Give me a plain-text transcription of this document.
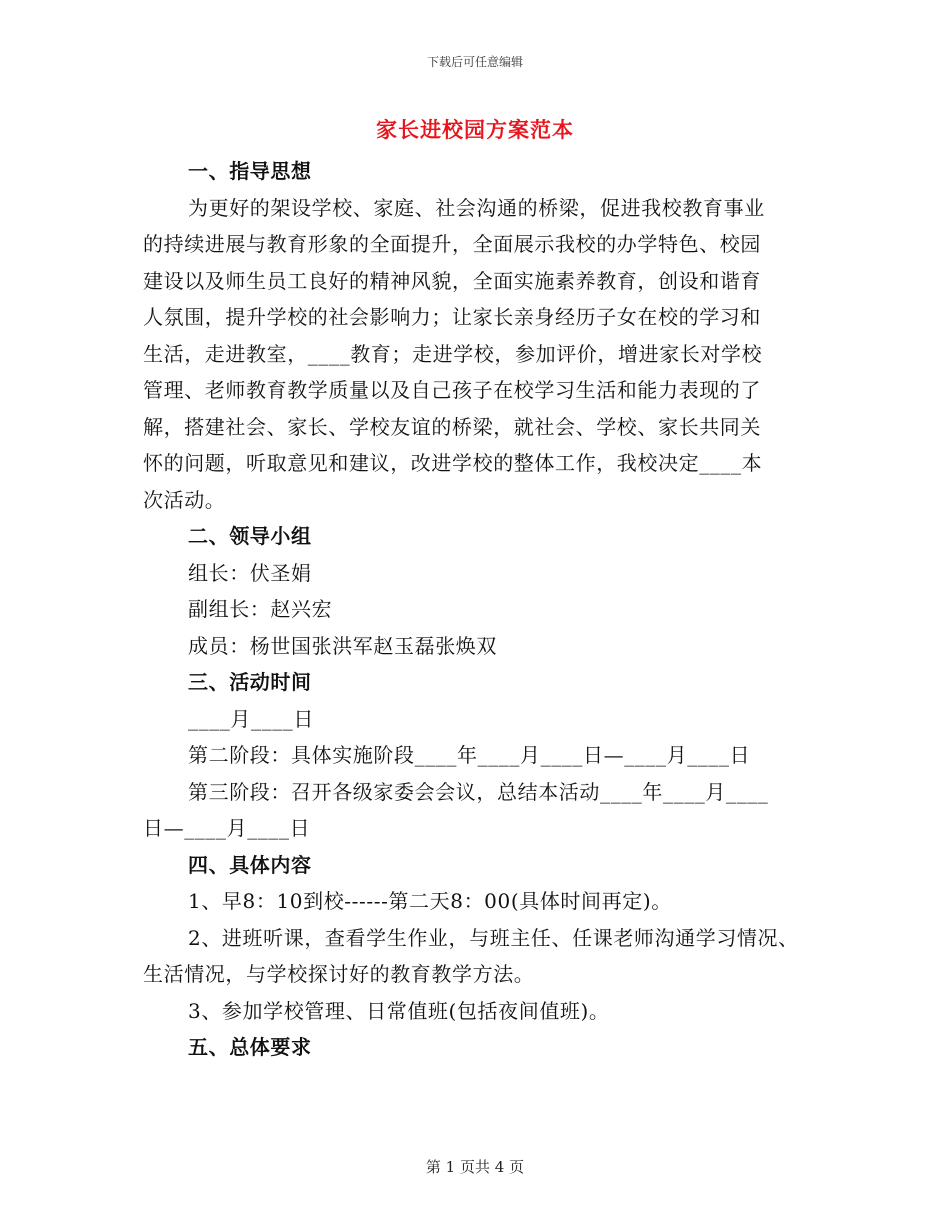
下载后可任意编辑
家长进校园方案范本
一、指导思想
为更好的架设学校、家庭、社会沟通的桥梁，促进我校教育事业
的持续进展与教育形象的全面提升，全面展示我校的办学特色、校园
建设以及师生员工良好的精神风貌，全面实施素养教育，创设和谐育
人氛围，提升学校的社会影响力；让家长亲身经历子女在校的学习和
生活，走进教室，____教育；走进学校，参加评价，增进家长对学校
管理、老师教育教学质量以及自己孩子在校学习生活和能力表现的了
解，搭建社会、家长、学校友谊的桥梁，就社会、学校、家长共同关
怀的问题，听取意见和建议，改进学校的整体工作，我校决定____本
次活动。
二、领导小组
组长：伏圣娟
副组长：赵兴宏
成员：杨世国张洪军赵玉磊张焕双
三、活动时间
____月____日
第二阶段：具体实施阶段____年____月____日—____月____日
第三阶段：召开各级家委会会议，总结本活动____年____月____
日—____月____日
四、具体内容
1、早8：10到校------第二天8：00(具体时间再定)。
2、进班听课，查看学生作业，与班主任、任课老师沟通学习情况、
生活情况，与学校探讨好的教育教学方法。
3、参加学校管理、日常值班(包括夜间值班)。
五、总体要求
第 1 页共 4 页
